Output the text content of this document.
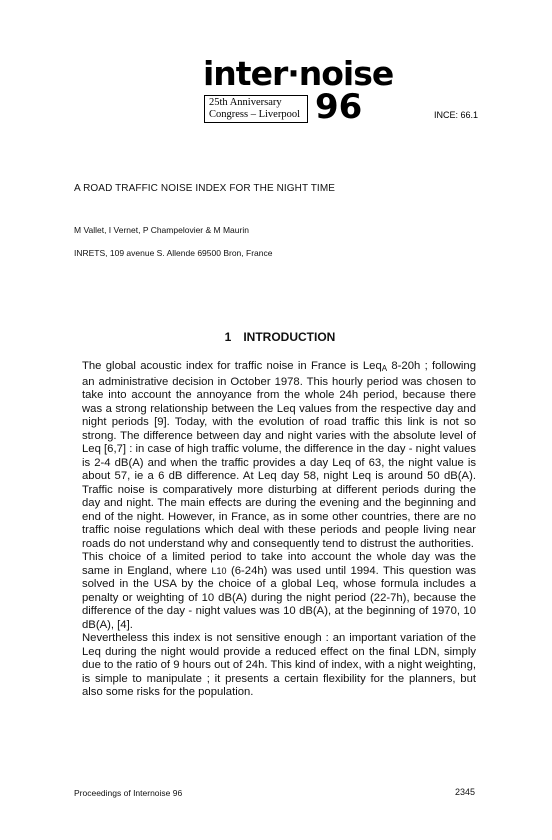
inter·noise
25th Anniversary
Congress – Liverpool 96	INCE: 66.1
A ROAD TRAFFIC NOISE INDEX FOR THE NIGHT TIME
M Vallet, I Vernet, P Champelovier & M Maurin
INRETS, 109 avenue S. Allende 69500 Bron, France
1 INTRODUCTION

The global acoustic index for traffic noise in France is Leq$_A$ 8-20h ; following an administrative decision in October 1978. This hourly period was chosen to take into account the annoyance from the whole 24h period, because there was a strong relationship between the Leq values from the respective day and night periods [9]. Today, with the evolution of road traffic this link is not so strong. The difference between day and night varies with the absolute level of Leq [6,7] : in case of high traffic volume, the difference in the day - night values is 2-4 dB(A) and when the traffic provides a day Leq of 63, the night value is about 57, ie a 6 dB difference. At Leq day 58, night Leq is around 50 dB(A). Traffic noise is comparatively more disturbing at different periods during the day and night. The main effects are during the evening and the beginning and end of the night. However, in France, as in some other countries, there are no traffic noise regulations which deal with these periods and people living near roads do not understand why and consequently tend to distrust the authorities.

This choice of a limited period to take into account the whole day was the same in England, where L10 (6-24h) was used until 1994. This question was solved in the USA by the choice of a global Leq, whose formula includes a penalty or weighting of 10 dB(A) during the night period (22-7h), because the difference of the day - night values was 10 dB(A), at the beginning of 1970, 10 dB(A), [4].

Nevertheless this index is not sensitive enough : an important variation of the Leq during the night would provide a reduced effect on the final LDN, simply due to the ratio of 9 hours out of 24h. This kind of index, with a night weighting, is simple to manipulate ; it presents a certain flexibility for the planners, but also some risks for the population.

Proceedings of Internoise 96	2345
